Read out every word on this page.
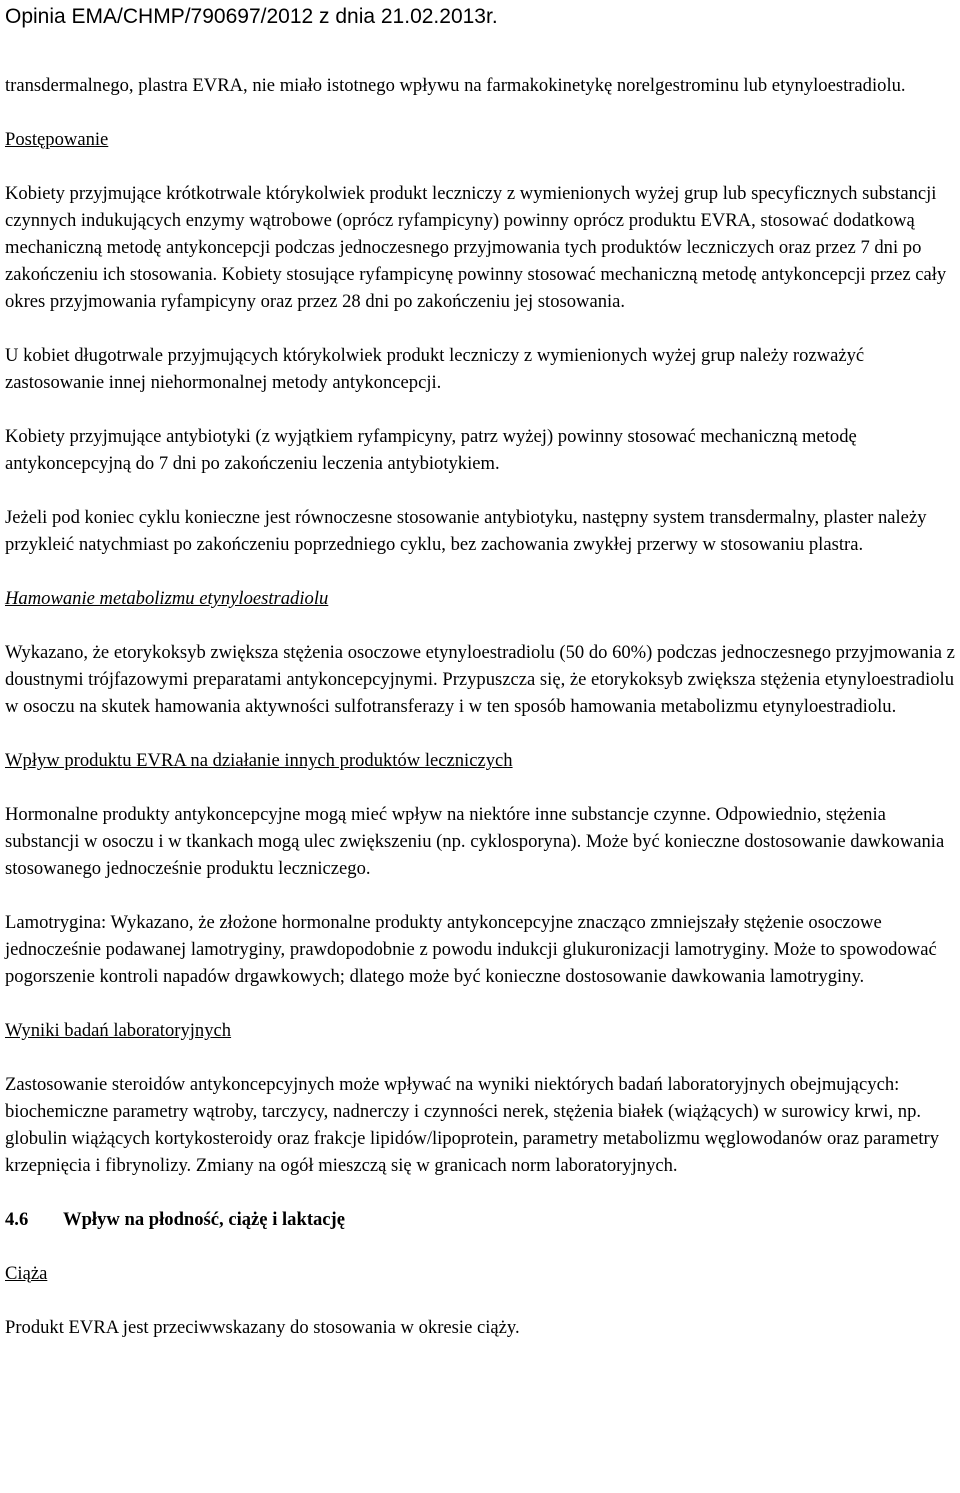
Opinia EMA/CHMP/790697/2012 z dnia 21.02.2013r.
transdermalnego, plastra EVRA, nie miało istotnego wpływu na farmakokinetykę norelgestrominu lub etynyloestradiolu.
Postępowanie
Kobiety przyjmujące krótkotrwale którykolwiek produkt leczniczy z wymienionych wyżej grup lub specyficznych substancji czynnych indukujących enzymy wątrobowe (oprócz ryfampicyny) powinny oprócz produktu EVRA, stosować dodatkową mechaniczną metodę antykoncepcji podczas jednoczesnego przyjmowania tych produktów leczniczych oraz przez 7 dni po zakończeniu ich stosowania. Kobiety stosujące ryfampicynę powinny stosować mechaniczną metodę antykoncepcji przez cały okres przyjmowania ryfampicyny oraz przez 28 dni po zakończeniu jej stosowania.
U kobiet długotrwale przyjmujących którykolwiek produkt leczniczy z wymienionych wyżej grup należy rozważyć zastosowanie innej niehormonalnej metody antykoncepcji.
Kobiety przyjmujące antybiotyki (z wyjątkiem ryfampicyny, patrz wyżej) powinny stosować mechaniczną metodę antykoncepcyjną do 7 dni po zakończeniu leczenia antybiotykiem.
Jeżeli pod koniec cyklu konieczne jest równoczesne stosowanie antybiotyku, następny system transdermalny, plaster należy przykleić natychmiast po zakończeniu poprzedniego cyklu, bez zachowania zwykłej przerwy w stosowaniu plastra.
Hamowanie metabolizmu etynyloestradiolu
Wykazano, że etorykoksyb zwiększa stężenia osoczowe etynyloestradiolu (50 do 60%) podczas jednoczesnego przyjmowania z doustnymi trójfazowymi preparatami antykoncepcyjnymi. Przypuszcza się, że etorykoksyb zwiększa stężenia etynyloestradiolu w osoczu na skutek hamowania aktywności sulfotransferazy i w ten sposób hamowania metabolizmu etynyloestradiolu.
Wpływ produktu EVRA na działanie innych produktów leczniczych
Hormonalne produkty antykoncepcyjne mogą mieć wpływ na niektóre inne substancje czynne. Odpowiednio, stężenia substancji w osoczu i w tkankach mogą ulec zwiększeniu (np. cyklosporyna). Może być konieczne dostosowanie dawkowania stosowanego jednocześnie produktu leczniczego.
Lamotrygina: Wykazano, że złożone hormonalne produkty antykoncepcyjne znacząco zmniejszały stężenie osoczowe jednocześnie podawanej lamotryginy, prawdopodobnie z powodu indukcji glukuronizacji lamotryginy. Może to spowodować pogorszenie kontroli napadów drgawkowych; dlatego może być konieczne dostosowanie dawkowania lamotryginy.
Wyniki badań laboratoryjnych
Zastosowanie steroidów antykoncepcyjnych może wpływać na wyniki niektórych badań laboratoryjnych obejmujących: biochemiczne parametry wątroby, tarczycy, nadnerczy i czynności nerek, stężenia białek (wiążących) w surowicy krwi, np. globulin wiążących kortykosteroidy oraz frakcje lipidów/lipoprotein, parametry metabolizmu węglowodanów oraz parametry krzepnięcia i fibrynolizy. Zmiany na ogół mieszczą się w granicach norm laboratoryjnych.
4.6 Wpływ na płodność, ciążę i laktację
Ciąża
Produkt EVRA jest przeciwwskazany do stosowania w okresie ciąży.
